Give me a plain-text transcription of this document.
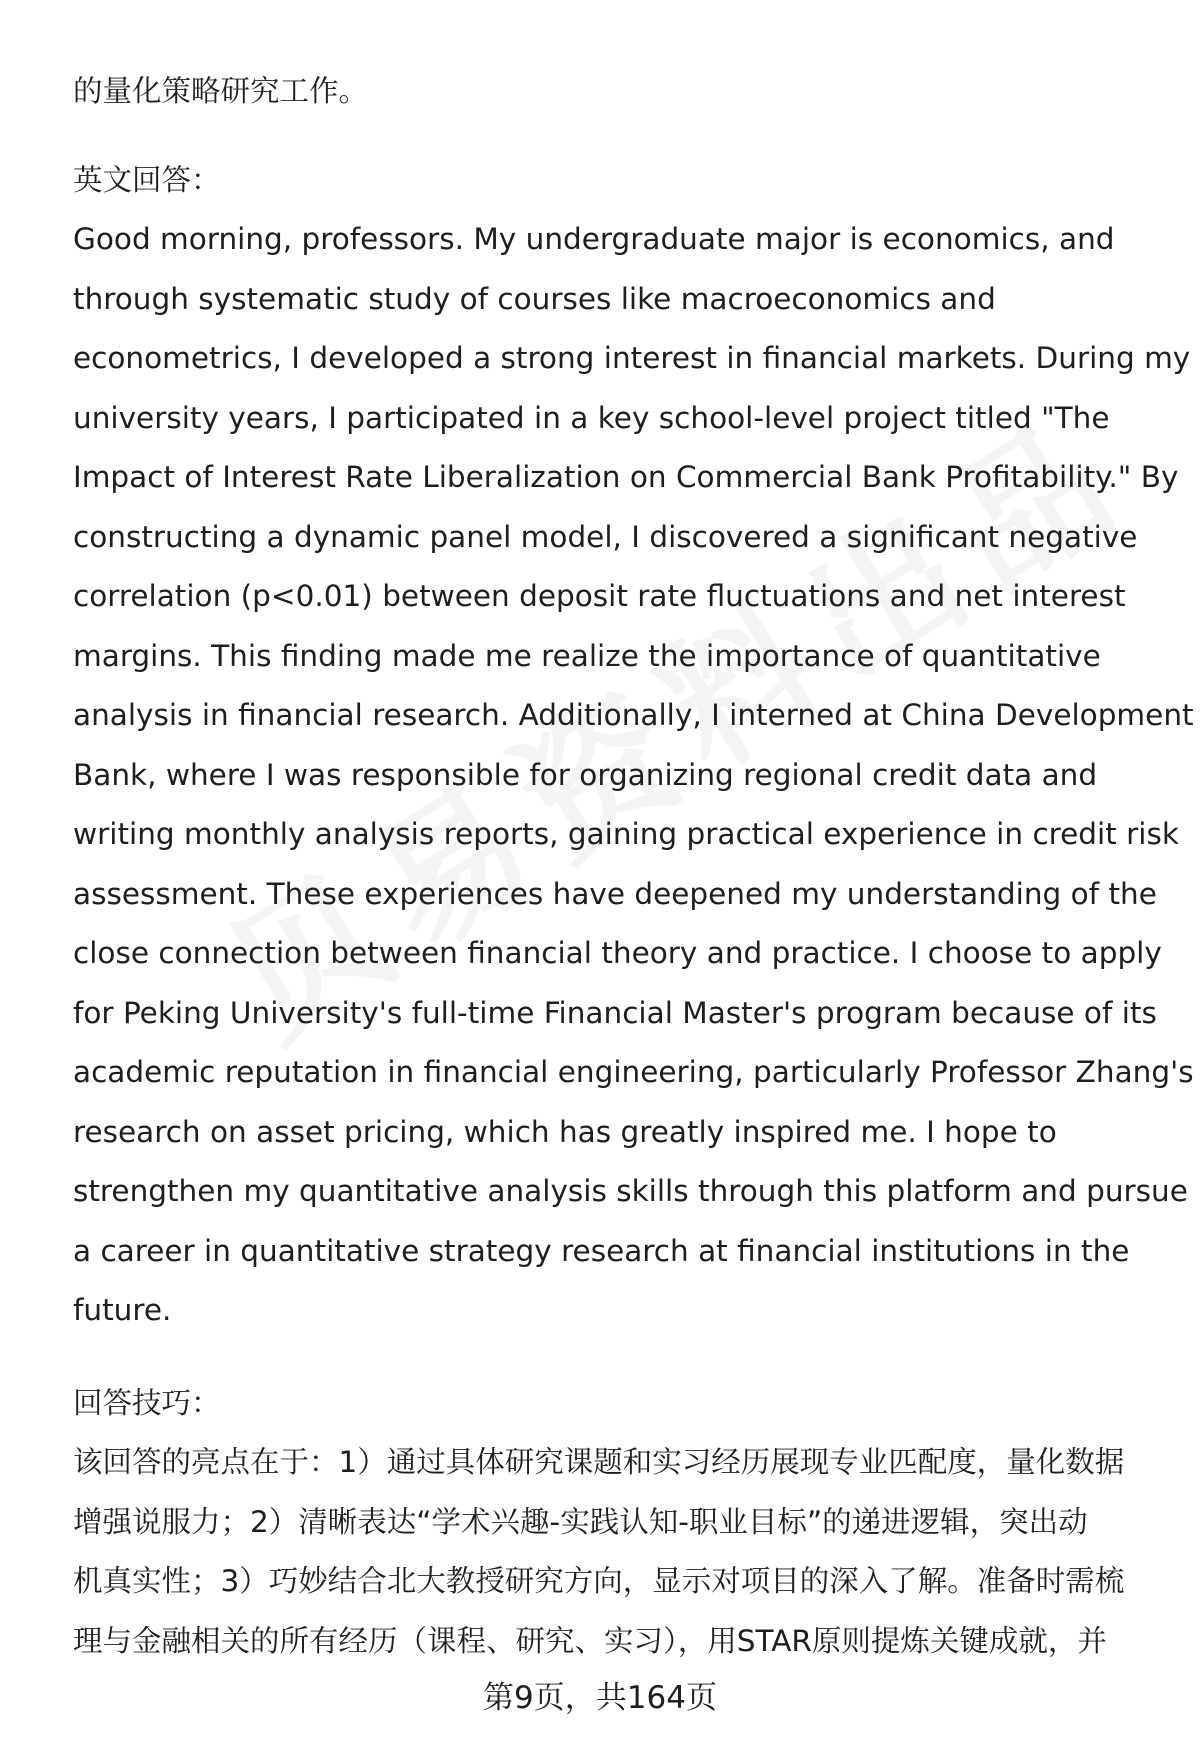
的量化策略研究工作。

英文回答：

Good morning, professors. My undergraduate major is economics, and

through systematic study of courses like macroeconomics and

econometrics, I developed a strong interest in financial markets. During my

university years, I participated in a key school-level project titled "The

Impact of Interest Rate Liberalization on Commercial Bank Profitability." By

constructing a dynamic panel model, I discovered a significant negative

correlation (p<0.01) between deposit rate fluctuations and net interest

margins. This finding made me realize the importance of quantitative

analysis in financial research. Additionally, I interned at China Development

Bank, where I was responsible for organizing regional credit data and

writing monthly analysis reports, gaining practical experience in credit risk

assessment. These experiences have deepened my understanding of the

close connection between financial theory and practice. I choose to apply

for Peking University's full-time Financial Master's program because of its

academic reputation in financial engineering, particularly Professor Zhang's

research on asset pricing, which has greatly inspired me. I hope to

strengthen my quantitative analysis skills through this platform and pursue

a career in quantitative strategy research at financial institutions in the

future.

回答技巧：

该回答的亮点在于：1）通过具体研究课题和实习经历展现专业匹配度，量化数据

增强说服力；2）清晰表达“学术兴趣-实践认知-职业目标”的递进逻辑，突出动

机真实性；3）巧妙结合北大教授研究方向，显示对项目的深入了解。准备时需梳

理与金融相关的所有经历（课程、研究、实习），用STAR原则提炼关键成就，并

第9页，共164页
